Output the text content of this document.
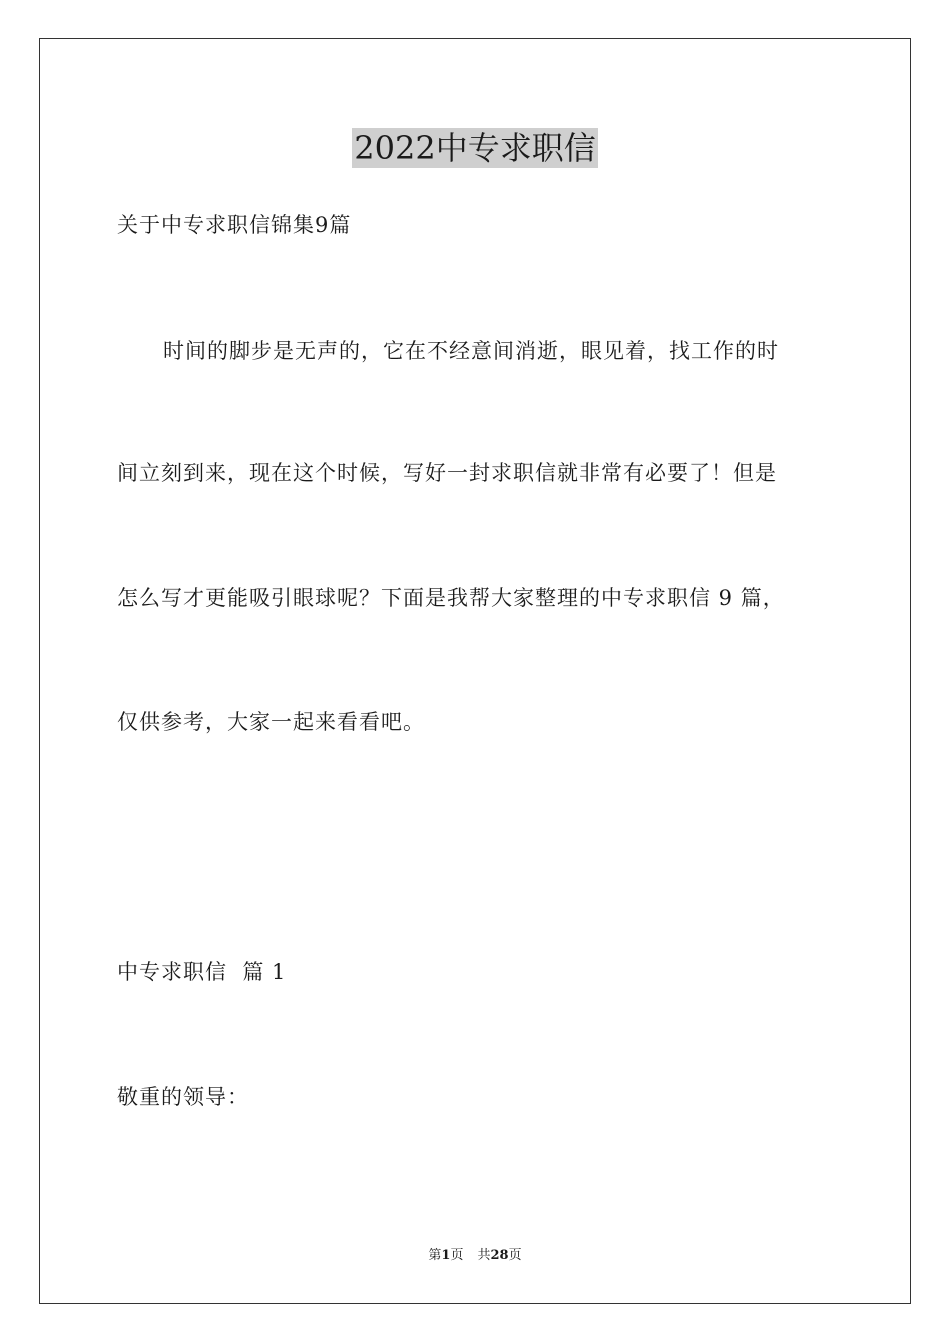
2022中专求职信
关于中专求职信锦集9篇
时间的脚步是无声的，它在不经意间消逝，眼见着，找工作的时
间立刻到来，现在这个时候，写好一封求职信就非常有必要了！但是
怎么写才更能吸引眼球呢？下面是我帮大家整理的中专求职信 9 篇，
仅供参考，大家一起来看看吧。
中专求职信  篇 1
敬重的领导：
第1页 共28页
